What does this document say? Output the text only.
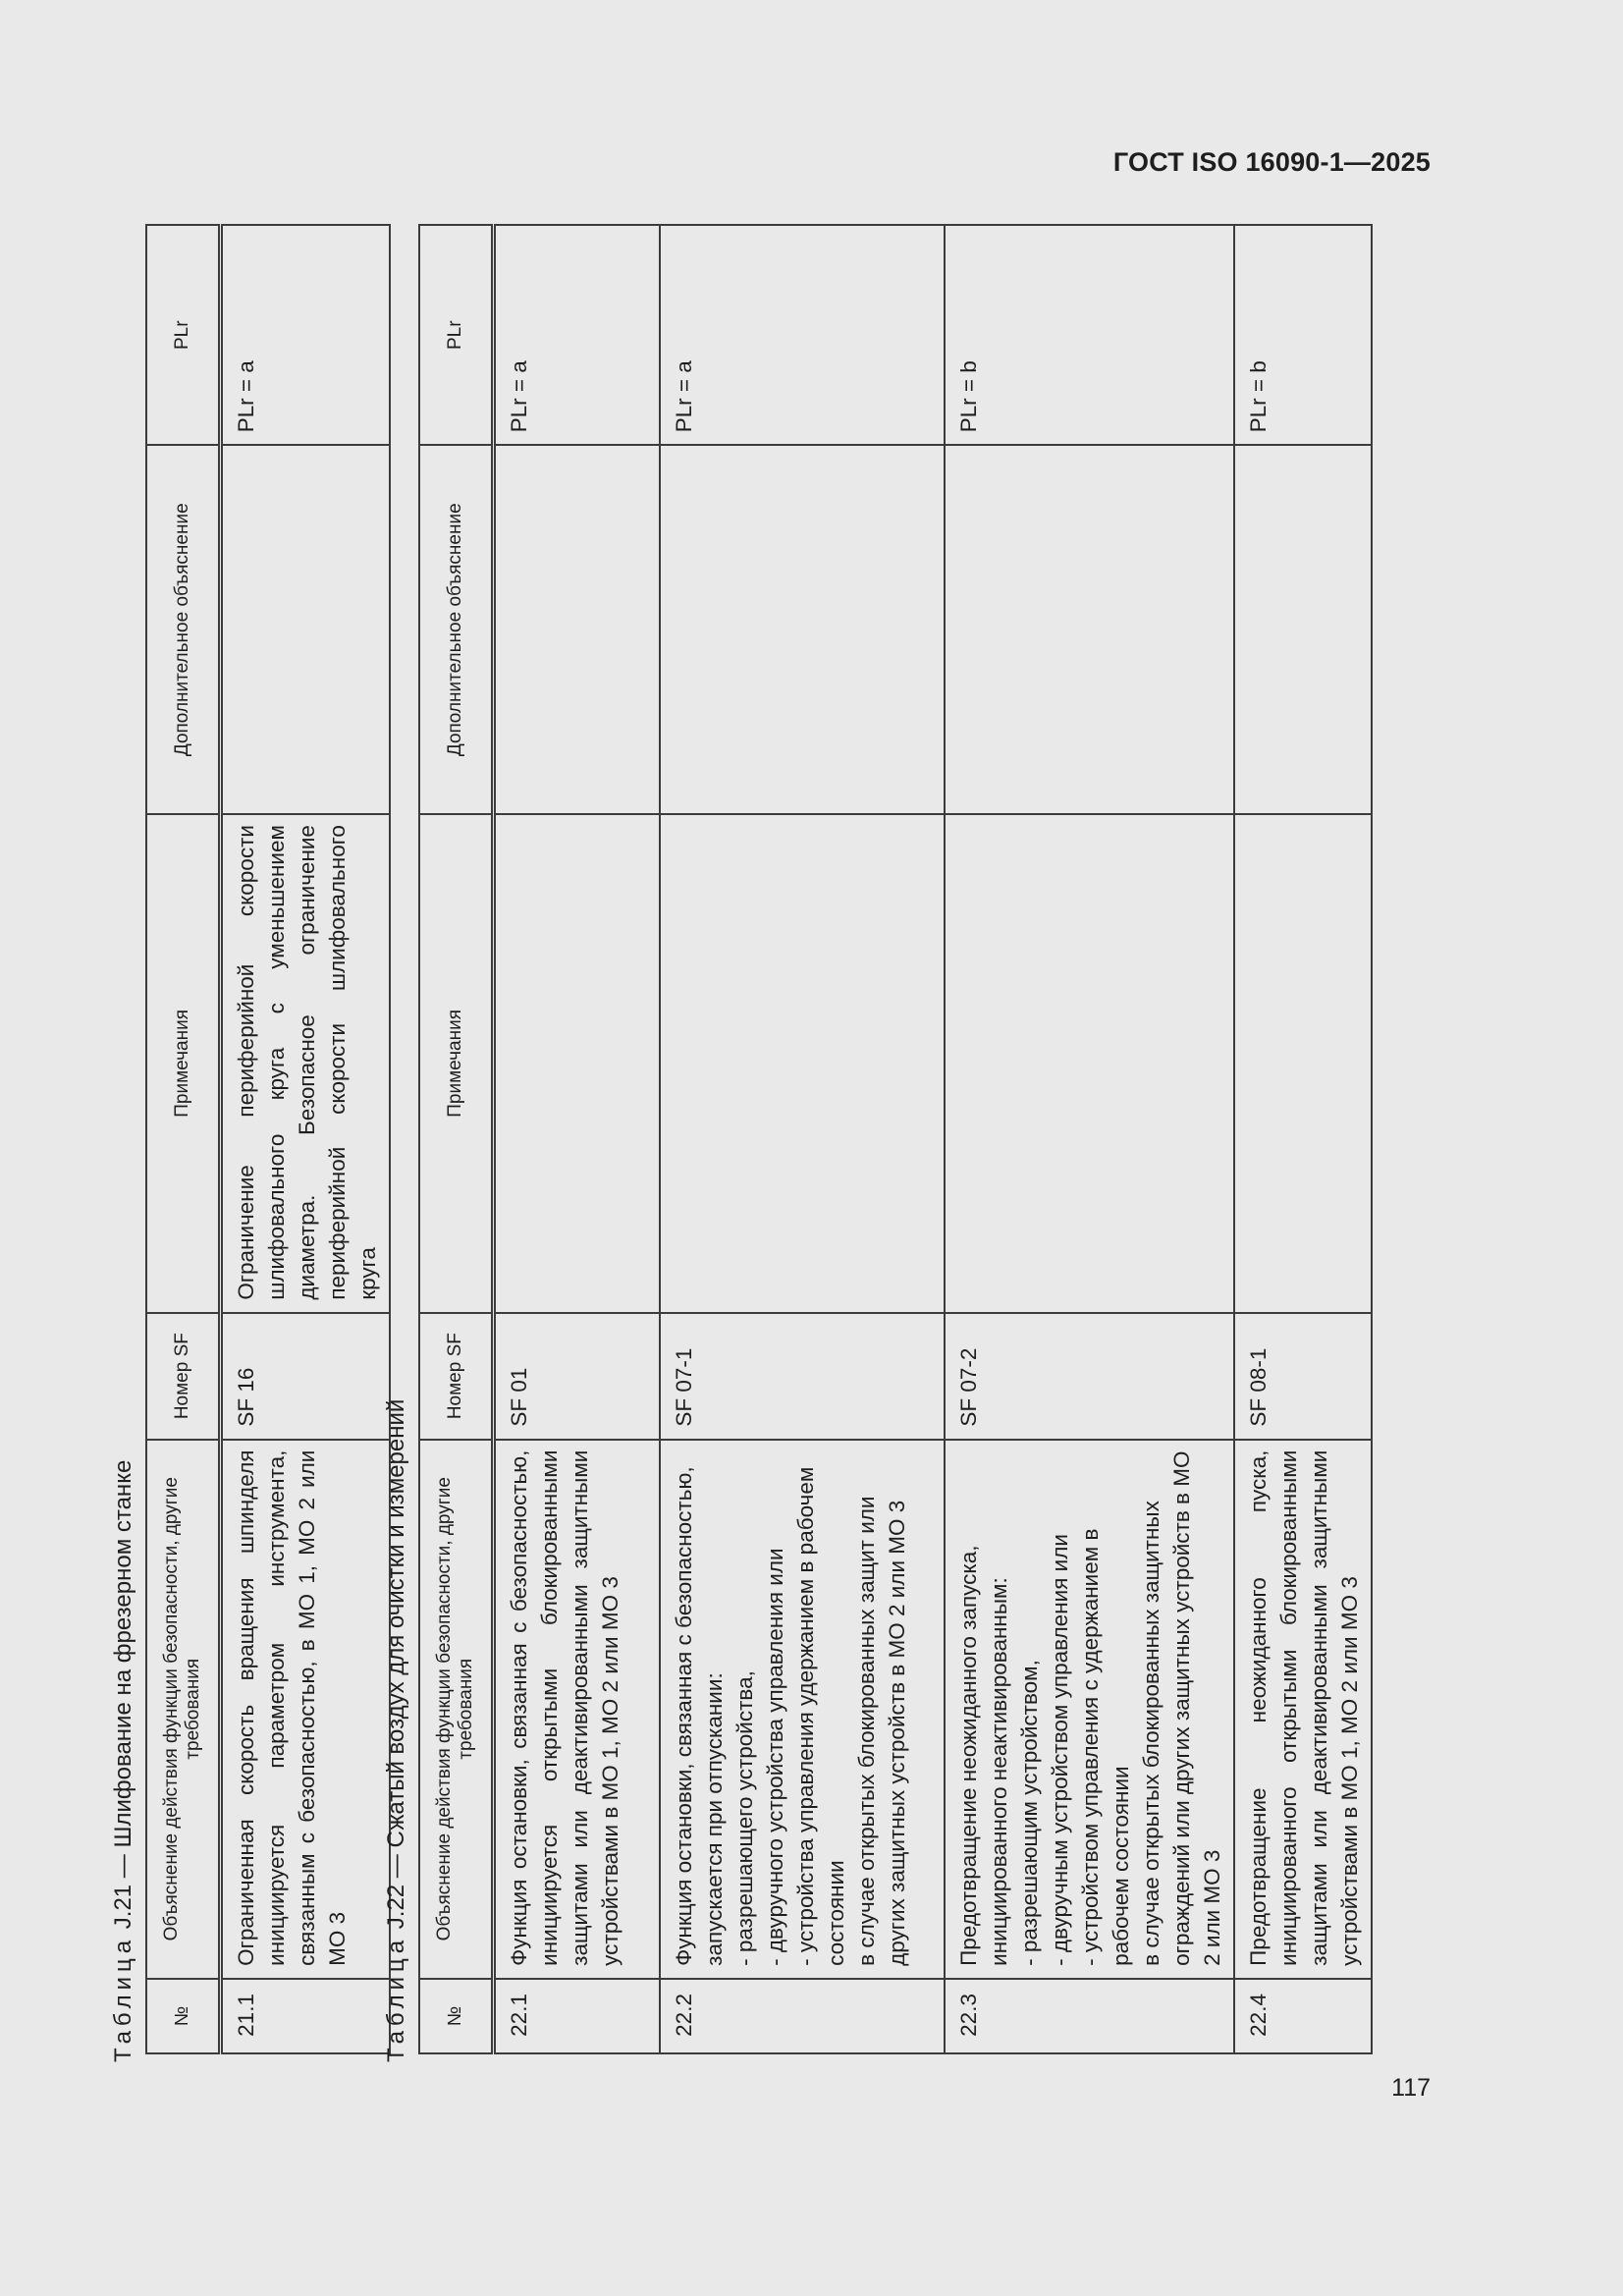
ГОСТ ISO 16090-1—2025
Таблица J.21 — Шлифование на фрезерном станке
№	Объяснение действия функции безопасности, другие требования	Номер SF	Примечания	Дополнительное объяснение	PLr
21.1	Ограниченная скорость вращения шпинделя инициируется параметром инструмента, связанным с безопасностью, в МО 1, МО 2 или МО 3	SF 16	Ограничение периферийной скорости шлифовального круга с уменьшением диаметра. Безопасное ограничение периферийной скорости шлифовального круга		PLr = a
Таблица J.22 — Сжатый воздух для очистки и измерений
№	Объяснение действия функции безопасности, другие требования	Номер SF	Примечания	Дополнительное объяснение	PLr
22.1	Функция остановки, связанная с безопасностью, инициируется открытыми блокированными защитами или деактивированными защитными устройствами в МО 1, МО 2 или МО 3	SF 01			PLr = a
22.2	Функция остановки, связанная с безопасностью, запускается при отпускании: - разрешающего устройства, - двуручного устройства управления или - устройства управления удержанием в рабочем состоянии в случае открытых блокированных защит или других защитных устройств в МО 2 или МО 3	SF 07-1			PLr = a
22.3	Предотвращение неожиданного запуска, инициированного неактивированным: - разрешающим устройством, - двуручным устройством управления или - устройством управления с удержанием в рабочем состоянии в случае открытых блокированных защитных ограждений или других защитных устройств в МО 2 или МО 3	SF 07-2			PLr = b
22.4	Предотвращение неожиданного пуска, инициированного открытыми блокированными защитами или деактивированными защитными устройствами в МО 1, МО 2 или МО 3	SF 08-1			PLr = b
117
